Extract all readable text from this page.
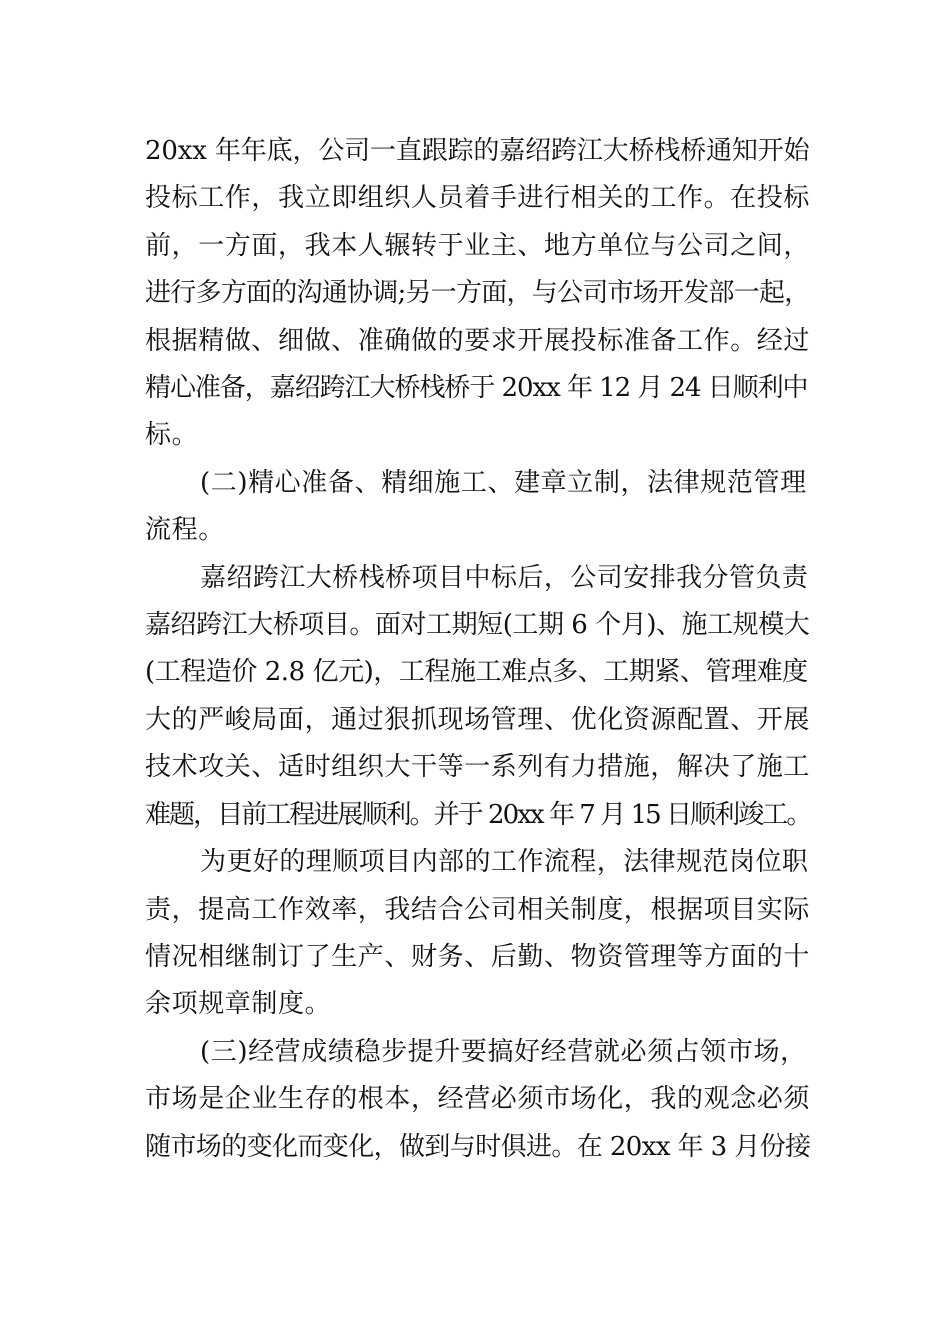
20xx 年年底，公司一直跟踪的嘉绍跨江大桥栈桥通知开始
投标工作，我立即组织人员着手进行相关的工作。在投标
前，一方面，我本人辗转于业主、地方单位与公司之间，
进行多方面的沟通协调;另一方面，与公司市场开发部一起，
根据精做、细做、准确做的要求开展投标准备工作。经过
精心准备，嘉绍跨江大桥栈桥于 20xx 年 12 月 24 日顺利中
标。

(二)精心准备、精细施工、建章立制，法律规范管理
流程。

嘉绍跨江大桥栈桥项目中标后，公司安排我分管负责
嘉绍跨江大桥项目。面对工期短(工期 6 个月)、施工规模大
(工程造价 2.8 亿元)，工程施工难点多、工期紧、管理难度
大的严峻局面，通过狠抓现场管理、优化资源配置、开展
技术攻关、适时组织大干等一系列有力措施，解决了施工
难题，目前工程进展顺利。并于 20xx 年 7 月 15 日顺利竣工。

为更好的理顺项目内部的工作流程，法律规范岗位职
责，提高工作效率，我结合公司相关制度，根据项目实际
情况相继制订了生产、财务、后勤、物资管理等方面的十
余项规章制度。

(三)经营成绩稳步提升要搞好经营就必须占领市场，
市场是企业生存的根本，经营必须市场化，我的观念必须
随市场的变化而变化，做到与时俱进。在 20xx 年 3 月份接
